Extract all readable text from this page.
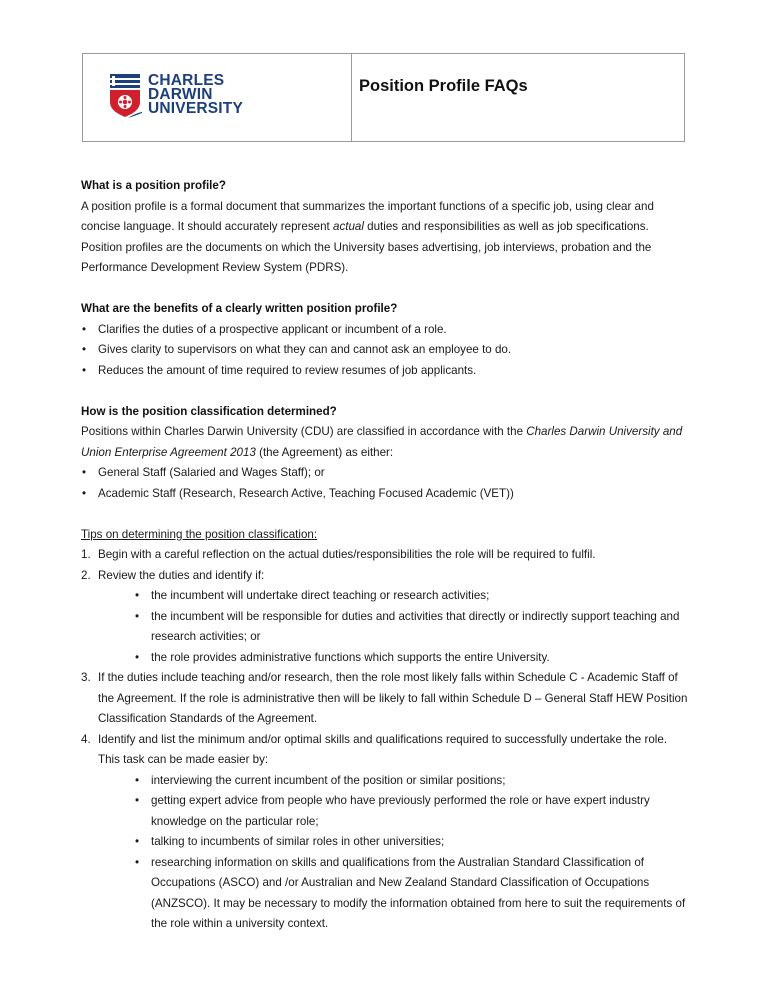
CHARLES
DARWIN
UNIVERSITY
Position Profile FAQs

What is a position profile?

A position profile is a formal document that summarizes the important functions of a specific job, using clear and concise language. It should accurately represent actual duties and responsibilities as well as job specifications. Position profiles are the documents on which the University bases advertising, job interviews, probation and the Performance Development Review System (PDRS).

What are the benefits of a clearly written position profile?

• Clarifies the duties of a prospective applicant or incumbent of a role.
• Gives clarity to supervisors on what they can and cannot ask an employee to do.
• Reduces the amount of time required to review resumes of job applicants.

How is the position classification determined?

Positions within Charles Darwin University (CDU) are classified in accordance with the Charles Darwin University and Union Enterprise Agreement 2013 (the Agreement) as either:

• General Staff (Salaried and Wages Staff); or
• Academic Staff (Research, Research Active, Teaching Focused Academic (VET))

Tips on determining the position classification:

1. Begin with a careful reflection on the actual duties/responsibilities the role will be required to fulfil.
2. Review the duties and identify if:
• the incumbent will undertake direct teaching or research activities;
• the incumbent will be responsible for duties and activities that directly or indirectly support teaching and research activities; or
• the role provides administrative functions which supports the entire University.
3. If the duties include teaching and/or research, then the role most likely falls within Schedule C - Academic Staff of the Agreement. If the role is administrative then will be likely to fall within Schedule D – General Staff HEW Position Classification Standards of the Agreement.
4. Identify and list the minimum and/or optimal skills and qualifications required to successfully undertake the role. This task can be made easier by:
• interviewing the current incumbent of the position or similar positions;
• getting expert advice from people who have previously performed the role or have expert industry knowledge on the particular role;
• talking to incumbents of similar roles in other universities;
• researching information on skills and qualifications from the Australian Standard Classification of Occupations (ASCO) and /or Australian and New Zealand Standard Classification of Occupations (ANZSCO). It may be necessary to modify the information obtained from here to suit the requirements of the role within a university context.
